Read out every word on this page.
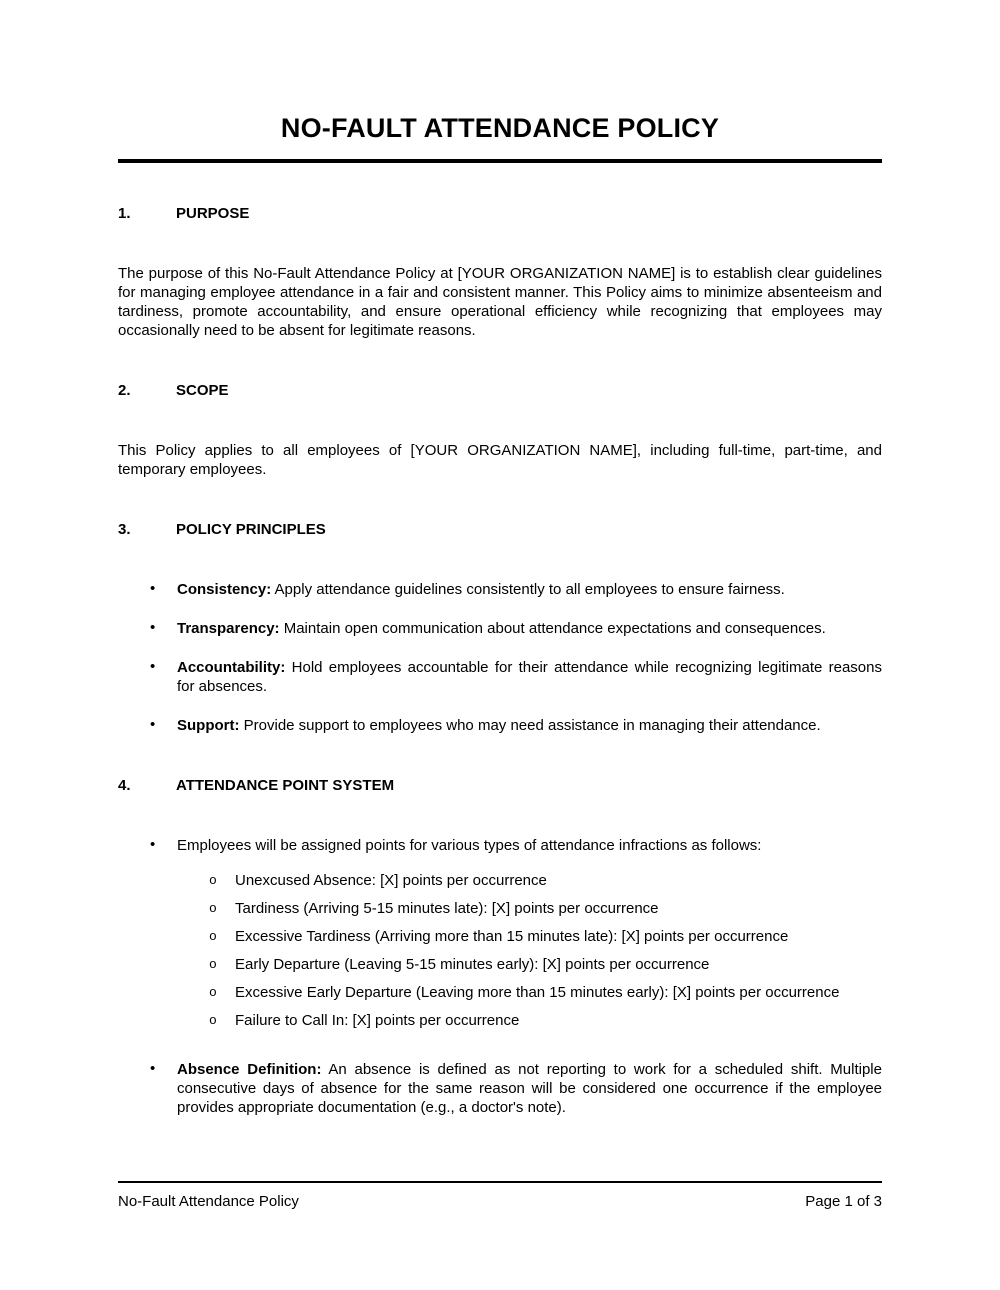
NO-FAULT ATTENDANCE POLICY
1.	PURPOSE

The purpose of this No-Fault Attendance Policy at [YOUR ORGANIZATION NAME] is to establish clear guidelines for managing employee attendance in a fair and consistent manner. This Policy aims to minimize absenteeism and tardiness, promote accountability, and ensure operational efficiency while recognizing that employees may occasionally need to be absent for legitimate reasons.

2.	SCOPE

This Policy applies to all employees of [YOUR ORGANIZATION NAME], including full-time, part-time, and temporary employees.

3.	POLICY PRINCIPLES
• Consistency: Apply attendance guidelines consistently to all employees to ensure fairness.
• Transparency: Maintain open communication about attendance expectations and consequences.
• Accountability: Hold employees accountable for their attendance while recognizing legitimate reasons for absences.
• Support: Provide support to employees who may need assistance in managing their attendance.
4.	ATTENDANCE POINT SYSTEM
• Employees will be assigned points for various types of attendance infractions as follows:
o Unexcused Absence: [X] points per occurrence
o Tardiness (Arriving 5-15 minutes late): [X] points per occurrence
o Excessive Tardiness (Arriving more than 15 minutes late): [X] points per occurrence
o Early Departure (Leaving 5-15 minutes early): [X] points per occurrence
o Excessive Early Departure (Leaving more than 15 minutes early): [X] points per occurrence
o Failure to Call In: [X] points per occurrence
• Absence Definition: An absence is defined as not reporting to work for a scheduled shift. Multiple consecutive days of absence for the same reason will be considered one occurrence if the employee provides appropriate documentation (e.g., a doctor's note).
No-Fault Attendance Policy	Page 1 of 3
